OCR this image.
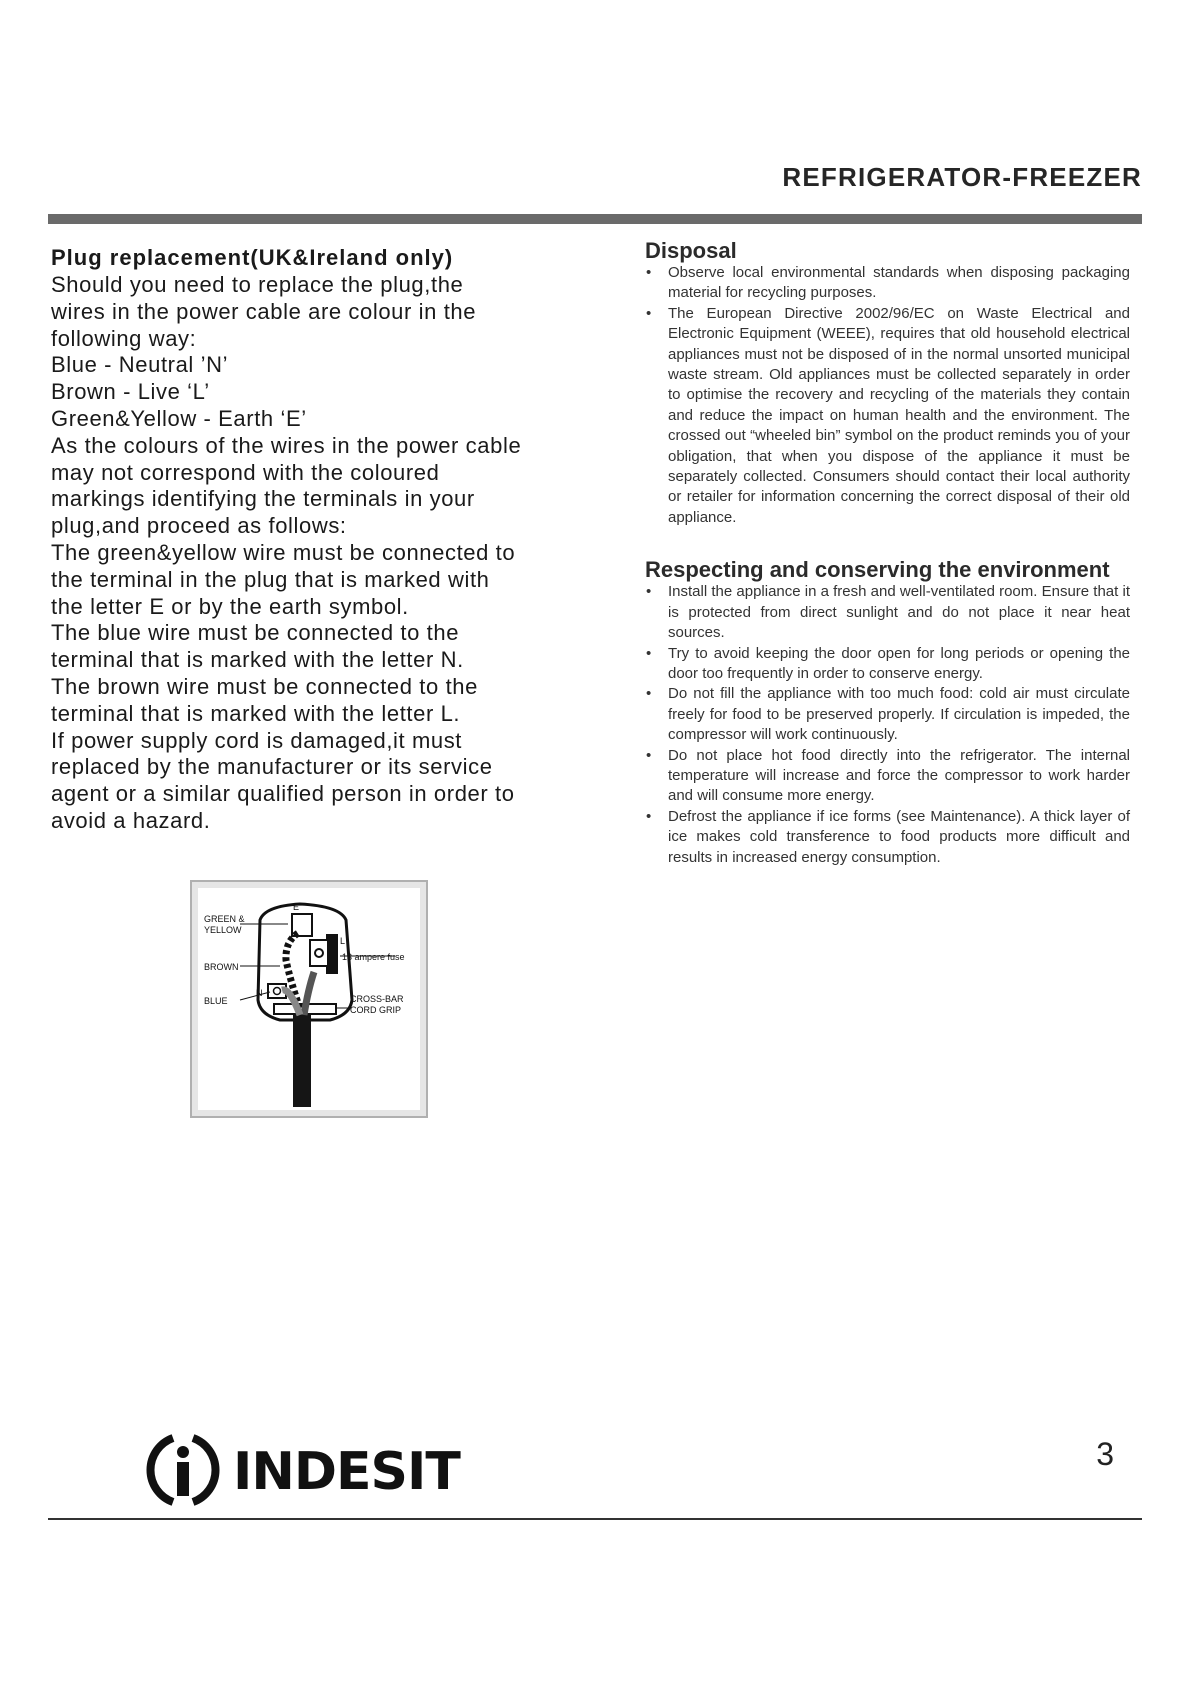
REFRIGERATOR-FREEZER
Plug replacement(UK&Ireland only)

Should you need to replace the plug,the
wires in the power cable are colour in the
following way:
Blue - Neutral ’N’
Brown - Live ‘L’
Green&Yellow - Earth ‘E’
As the colours of the wires in the power cable
may not correspond with the coloured
markings identifying the terminals in your
plug,and proceed as follows:
The green&yellow wire must be connected to
the terminal in the plug that is marked with
the letter E or by the earth symbol.
The blue wire must be connected to the
terminal that is marked with the letter N.
The brown wire must be connected to the
terminal that is marked with the letter L.
If power supply cord is damaged,it must
replaced by the manufacturer or its service
agent or a similar qualified person in order to
avoid a hazard.

GREEN &
YELLOW
BROWN
BLUE
13 ampere fuse
CROSS-BAR
CORD GRIP
E
L
N
Disposal
• Observe local environmental standards when disposing packaging material for recycling purposes.
• The European Directive 2002/96/EC on Waste Electrical and Electronic Equipment (WEEE), requires that old household electrical appliances must not be disposed of in the normal unsorted municipal waste stream. Old appliances must be collected separately in order to optimise the recovery and recycling of the materials they contain and reduce the impact on human health and the environment. The crossed out “wheeled bin” symbol on the product reminds you of your obligation, that when you dispose of the appliance it must be separately collected. Consumers should contact their local authority or retailer for information concerning the correct disposal of their old appliance.
Respecting and conserving the environment
• Install the appliance in a fresh and well-ventilated room. Ensure that it is protected from direct sunlight and do not place it near heat sources.
• Try to avoid keeping the door open for long periods or opening the door too frequently in order to conserve energy.
• Do not fill the appliance with too much food: cold air must circulate freely for food to be preserved properly. If circulation is impeded, the compressor will work continuously.
• Do not place hot food directly into the refrigerator. The internal temperature will increase and force the compressor to work harder and will consume more energy.
• Defrost the appliance if ice forms (see Maintenance). A thick layer of ice makes cold transference to food products more difficult and results in increased energy consumption.
INDESIT	3
